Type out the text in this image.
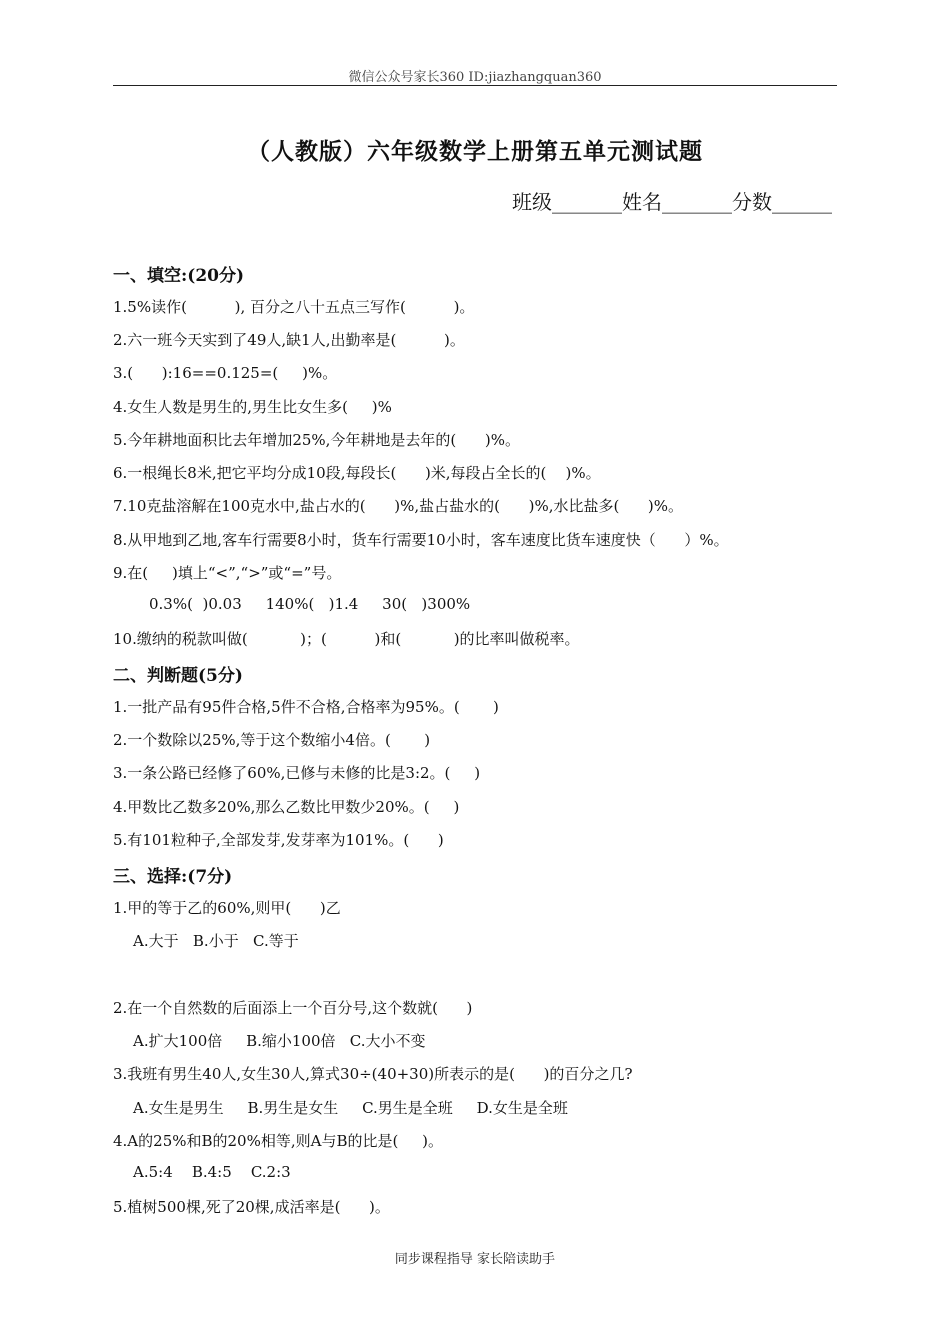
微信公众号家长360 ID:jiazhangquan360
（人教版）六年级数学上册第五单元测试题
班级_______姓名_______分数______
一、填空:(20分)
1.5%读作(          ), 百分之八十五点三写作(          )。
2.六一班今天实到了49人,缺1人,出勤率是(          )。
3.(      ):16==0.125=(     )%。
4.女生人数是男生的,男生比女生多(     )%
5.今年耕地面积比去年增加25%,今年耕地是去年的(      )%。
6.一根绳长8米,把它平均分成10段,每段长(      )米,每段占全长的(    )%。
7.10克盐溶解在100克水中,盐占水的(      )%,盐占盐水的(      )%,水比盐多(      )%。
8.从甲地到乙地,客车行需要8小时，货车行需要10小时，客车速度比货车速度快（      ）%。
9.在(     )填上“<”,“>”或“=”号。
0.3%(  )0.03     140%(   )1.4     30(   )300%
10.缴纳的税款叫做(           )；(          )和(           )的比率叫做税率。
二、判断题(5分)
1.一批产品有95件合格,5件不合格,合格率为95%。(       )
2.一个数除以25%,等于这个数缩小4倍。(       )
3.一条公路已经修了60%,已修与未修的比是3:2。(     )
4.甲数比乙数多20%,那么乙数比甲数少20%。(     )
5.有101粒种子,全部发芽,发芽率为101%。(      )
三、选择:(7分)
1.甲的等于乙的60%,则甲(      )乙
A.大于   B.小于   C.等于
2.在一个自然数的后面添上一个百分号,这个数就(      )
A.扩大100倍     B.缩小100倍   C.大小不变
3.我班有男生40人,女生30人,算式30÷(40+30)所表示的是(      )的百分之几?
A.女生是男生     B.男生是女生     C.男生是全班     D.女生是全班
4.A的25%和B的20%相等,则A与B的比是(     )。
A.5:4    B.4:5    C.2:3
5.植树500棵,死了20棵,成活率是(      )。
同步课程指导 家长陪读助手
